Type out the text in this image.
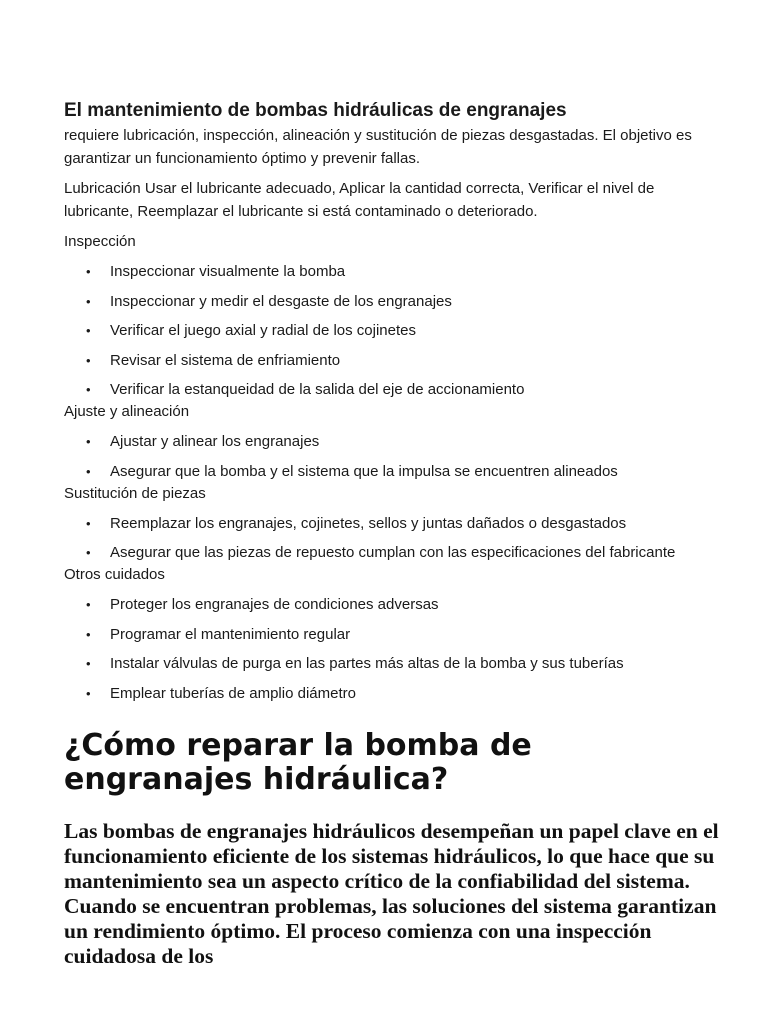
El mantenimiento de bombas hidráulicas de engranajes

requiere lubricación, inspección, alineación y sustitución de piezas desgastadas. El objetivo es garantizar un funcionamiento óptimo y prevenir fallas.

Lubricación Usar el lubricante adecuado, Aplicar la cantidad correcta, Verificar el nivel de lubricante, Reemplazar el lubricante si está contaminado o deteriorado.

Inspección

• Inspeccionar visualmente la bomba
• Inspeccionar y medir el desgaste de los engranajes
• Verificar el juego axial y radial de los cojinetes
• Revisar el sistema de enfriamiento
• Verificar la estanqueidad de la salida del eje de accionamiento

Ajuste y alineación

• Ajustar y alinear los engranajes
• Asegurar que la bomba y el sistema que la impulsa se encuentren alineados

Sustitución de piezas

• Reemplazar los engranajes, cojinetes, sellos y juntas dañados o desgastados
• Asegurar que las piezas de repuesto cumplan con las especificaciones del fabricante

Otros cuidados

• Proteger los engranajes de condiciones adversas
• Programar el mantenimiento regular
• Instalar válvulas de purga en las partes más altas de la bomba y sus tuberías
• Emplear tuberías de amplio diámetro
¿Cómo reparar la bomba de engranajes hidráulica?

Las bombas de engranajes hidráulicos desempeñan un papel clave en el funcionamiento eficiente de los sistemas hidráulicos, lo que hace que su mantenimiento sea un aspecto crítico de la confiabilidad del sistema. Cuando se encuentran problemas, las soluciones del sistema garantizan un rendimiento óptimo. El proceso comienza con una inspección cuidadosa de los
